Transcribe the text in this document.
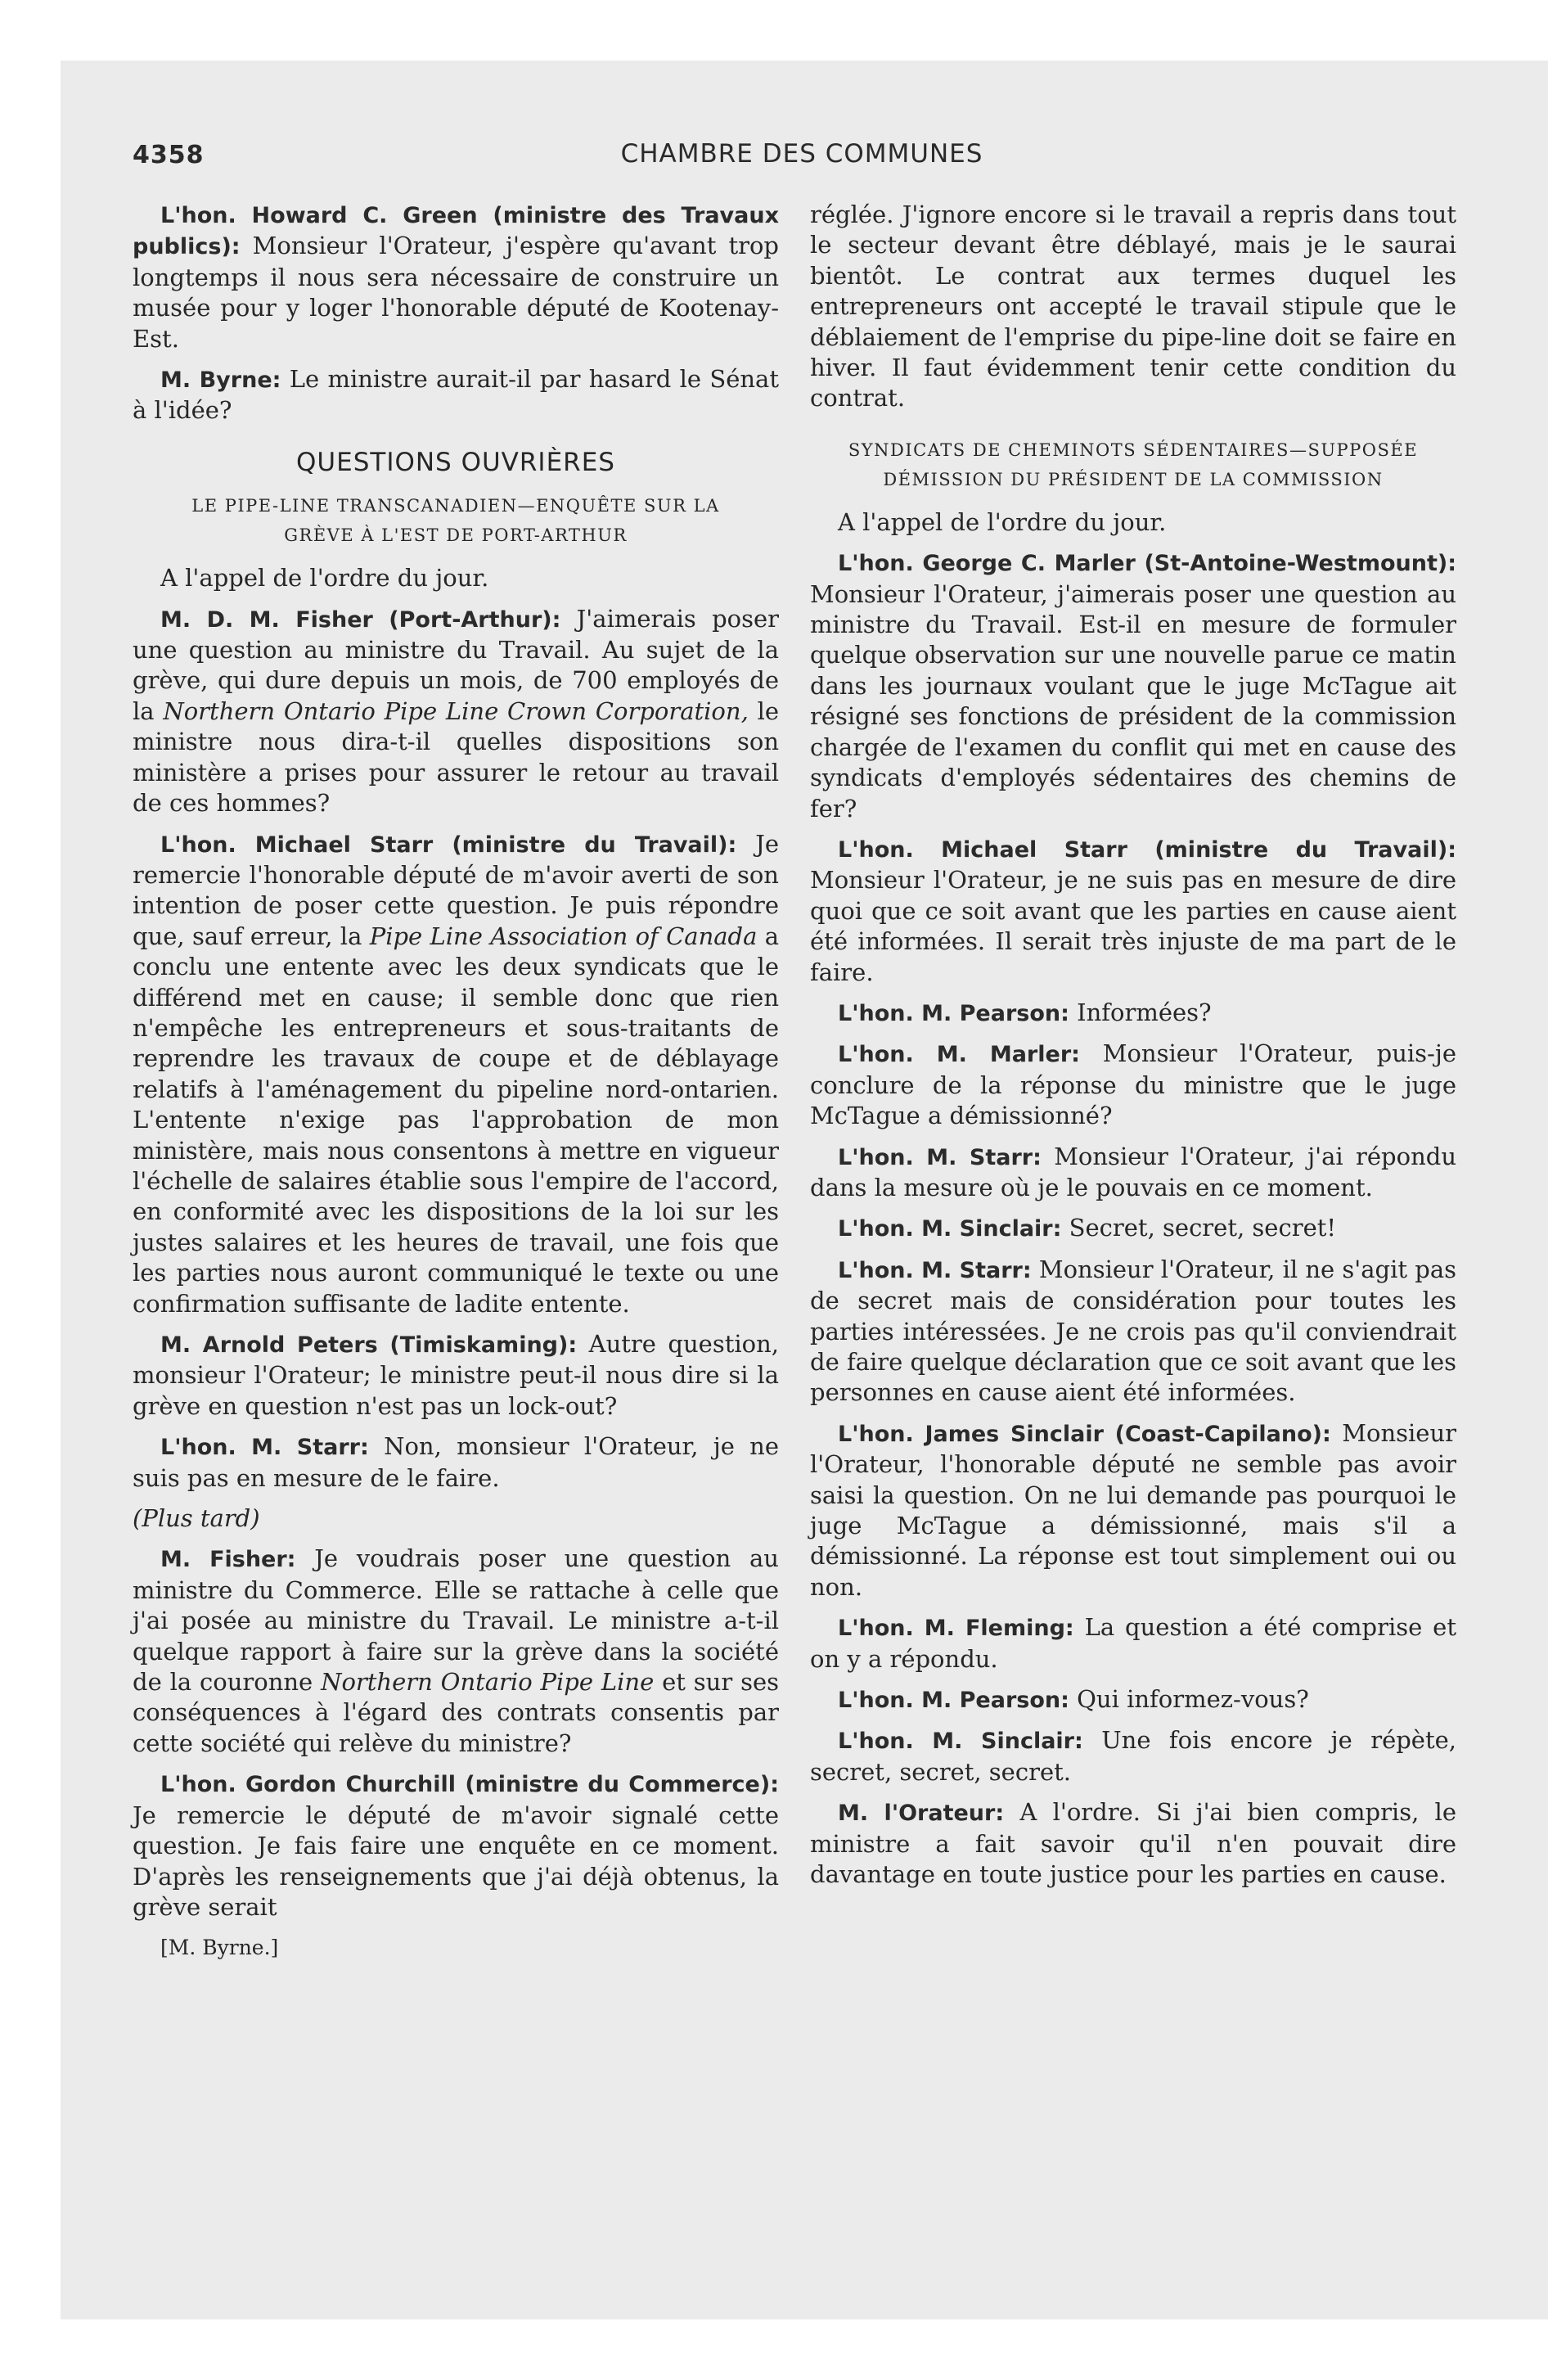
4358	CHAMBRE DES COMMUNES

L'hon. Howard C. Green (ministre des Travaux publics): Monsieur l'Orateur, j'espère qu'avant trop longtemps il nous sera nécessaire de construire un musée pour y loger l'honorable député de Kootenay-Est.

M. Byrne: Le ministre aurait-il par hasard le Sénat à l'idée?

QUESTIONS OUVRIÈRES
LE PIPE-LINE TRANSCANADIEN—ENQUÊTE SUR LA GRÈVE À L'EST DE PORT-ARTHUR

A l'appel de l'ordre du jour.

M. D. M. Fisher (Port-Arthur): J'aimerais poser une question au ministre du Travail. Au sujet de la grève, qui dure depuis un mois, de 700 employés de la Northern Ontario Pipe Line Crown Corporation, le ministre nous dira-t-il quelles dispositions son ministère a prises pour assurer le retour au travail de ces hommes?

L'hon. Michael Starr (ministre du Travail): Je remercie l'honorable député de m'avoir averti de son intention de poser cette question. Je puis répondre que, sauf erreur, la Pipe Line Association of Canada a conclu une entente avec les deux syndicats que le différend met en cause; il semble donc que rien n'empêche les entrepreneurs et sous-traitants de reprendre les travaux de coupe et de déblayage relatifs à l'aménagement du pipeline nord-ontarien. L'entente n'exige pas l'approbation de mon ministère, mais nous consentons à mettre en vigueur l'échelle de salaires établie sous l'empire de l'accord, en conformité avec les dispositions de la loi sur les justes salaires et les heures de travail, une fois que les parties nous auront communiqué le texte ou une confirmation suffisante de ladite entente.

M. Arnold Peters (Timiskaming): Autre question, monsieur l'Orateur; le ministre peut-il nous dire si la grève en question n'est pas un lock-out?

L'hon. M. Starr: Non, monsieur l'Orateur, je ne suis pas en mesure de le faire.

(Plus tard)

M. Fisher: Je voudrais poser une question au ministre du Commerce. Elle se rattache à celle que j'ai posée au ministre du Travail. Le ministre a-t-il quelque rapport à faire sur la grève dans la société de la couronne Northern Ontario Pipe Line et sur ses conséquences à l'égard des contrats consentis par cette société qui relève du ministre?

L'hon. Gordon Churchill (ministre du Commerce): Je remercie le député de m'avoir signalé cette question. Je fais faire une enquête en ce moment. D'après les renseignements que j'ai déjà obtenus, la grève serait

[M. Byrne.]

réglée. J'ignore encore si le travail a repris dans tout le secteur devant être déblayé, mais je le saurai bientôt. Le contrat aux termes duquel les entrepreneurs ont accepté le travail stipule que le déblaiement de l'emprise du pipe-line doit se faire en hiver. Il faut évidemment tenir cette condition du contrat.

SYNDICATS DE CHEMINOTS SÉDENTAIRES—SUPPOSÉE DÉMISSION DU PRÉSIDENT DE LA COMMISSION

A l'appel de l'ordre du jour.

L'hon. George C. Marler (St-Antoine-Westmount): Monsieur l'Orateur, j'aimerais poser une question au ministre du Travail. Est-il en mesure de formuler quelque observation sur une nouvelle parue ce matin dans les journaux voulant que le juge McTague ait résigné ses fonctions de président de la commission chargée de l'examen du conflit qui met en cause des syndicats d'employés sédentaires des chemins de fer?

L'hon. Michael Starr (ministre du Travail): Monsieur l'Orateur, je ne suis pas en mesure de dire quoi que ce soit avant que les parties en cause aient été informées. Il serait très injuste de ma part de le faire.

L'hon. M. Pearson: Informées?

L'hon. M. Marler: Monsieur l'Orateur, puis-je conclure de la réponse du ministre que le juge McTague a démissionné?

L'hon. M. Starr: Monsieur l'Orateur, j'ai répondu dans la mesure où je le pouvais en ce moment.

L'hon. M. Sinclair: Secret, secret, secret!

L'hon. M. Starr: Monsieur l'Orateur, il ne s'agit pas de secret mais de considération pour toutes les parties intéressées. Je ne crois pas qu'il conviendrait de faire quelque déclaration que ce soit avant que les personnes en cause aient été informées.

L'hon. James Sinclair (Coast-Capilano): Monsieur l'Orateur, l'honorable député ne semble pas avoir saisi la question. On ne lui demande pas pourquoi le juge McTague a démissionné, mais s'il a démissionné. La réponse est tout simplement oui ou non.

L'hon. M. Fleming: La question a été comprise et on y a répondu.

L'hon. M. Pearson: Qui informez-vous?

L'hon. M. Sinclair: Une fois encore je répète, secret, secret, secret.

M. l'Orateur: A l'ordre. Si j'ai bien compris, le ministre a fait savoir qu'il n'en pouvait dire davantage en toute justice pour les parties en cause.
